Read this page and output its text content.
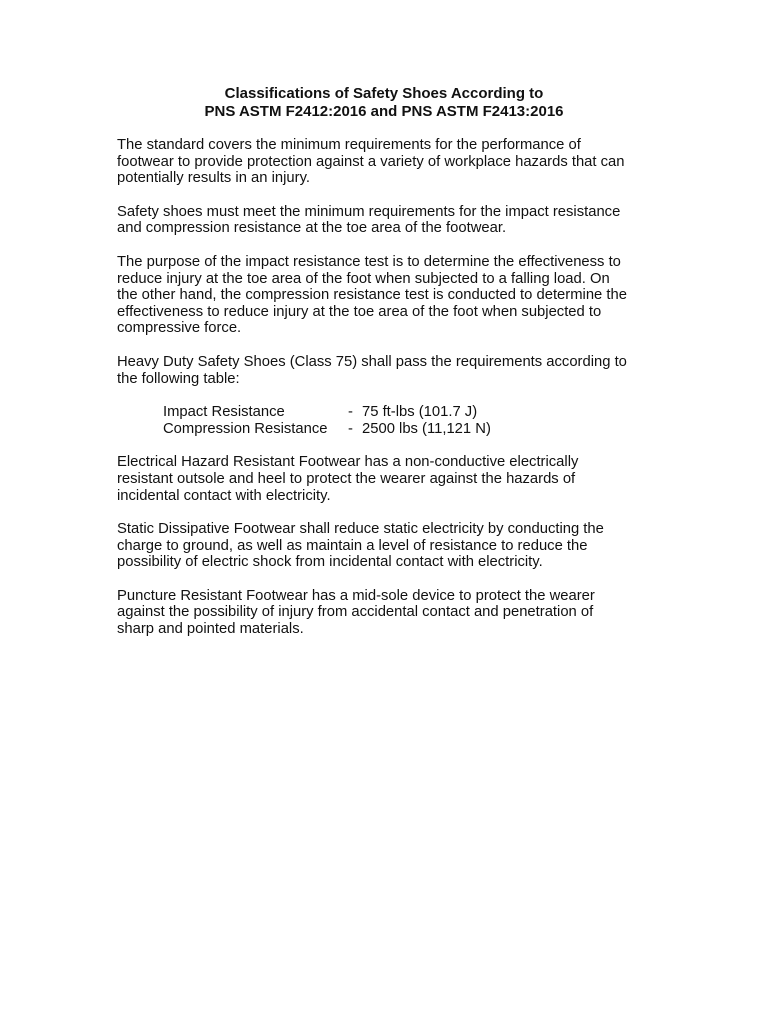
Classifications of Safety Shoes According to
PNS ASTM F2412:2016 and PNS ASTM F2413:2016

The standard covers the minimum requirements for the performance of
footwear to provide protection against a variety of workplace hazards that can
potentially results in an injury.

Safety shoes must meet the minimum requirements for the impact resistance
and compression resistance at the toe area of the footwear.

The purpose of the impact resistance test is to determine the effectiveness to
reduce injury at the toe area of the foot when subjected to a falling load. On
the other hand, the compression resistance test is conducted to determine the
effectiveness to reduce injury at the toe area of the foot when subjected to
compressive force.

Heavy Duty Safety Shoes (Class 75) shall pass the requirements according to
the following table:

Impact Resistance	-	75 ft-lbs (101.7 J)
Compression Resistance	-	2500 lbs (11,121 N)

Electrical Hazard Resistant Footwear has a non-conductive electrically
resistant outsole and heel to protect the wearer against the hazards of
incidental contact with electricity.

Static Dissipative Footwear shall reduce static electricity by conducting the
charge to ground, as well as maintain a level of resistance to reduce the
possibility of electric shock from incidental contact with electricity.

Puncture Resistant Footwear has a mid-sole device to protect the wearer
against the possibility of injury from accidental contact and penetration of
sharp and pointed materials.
